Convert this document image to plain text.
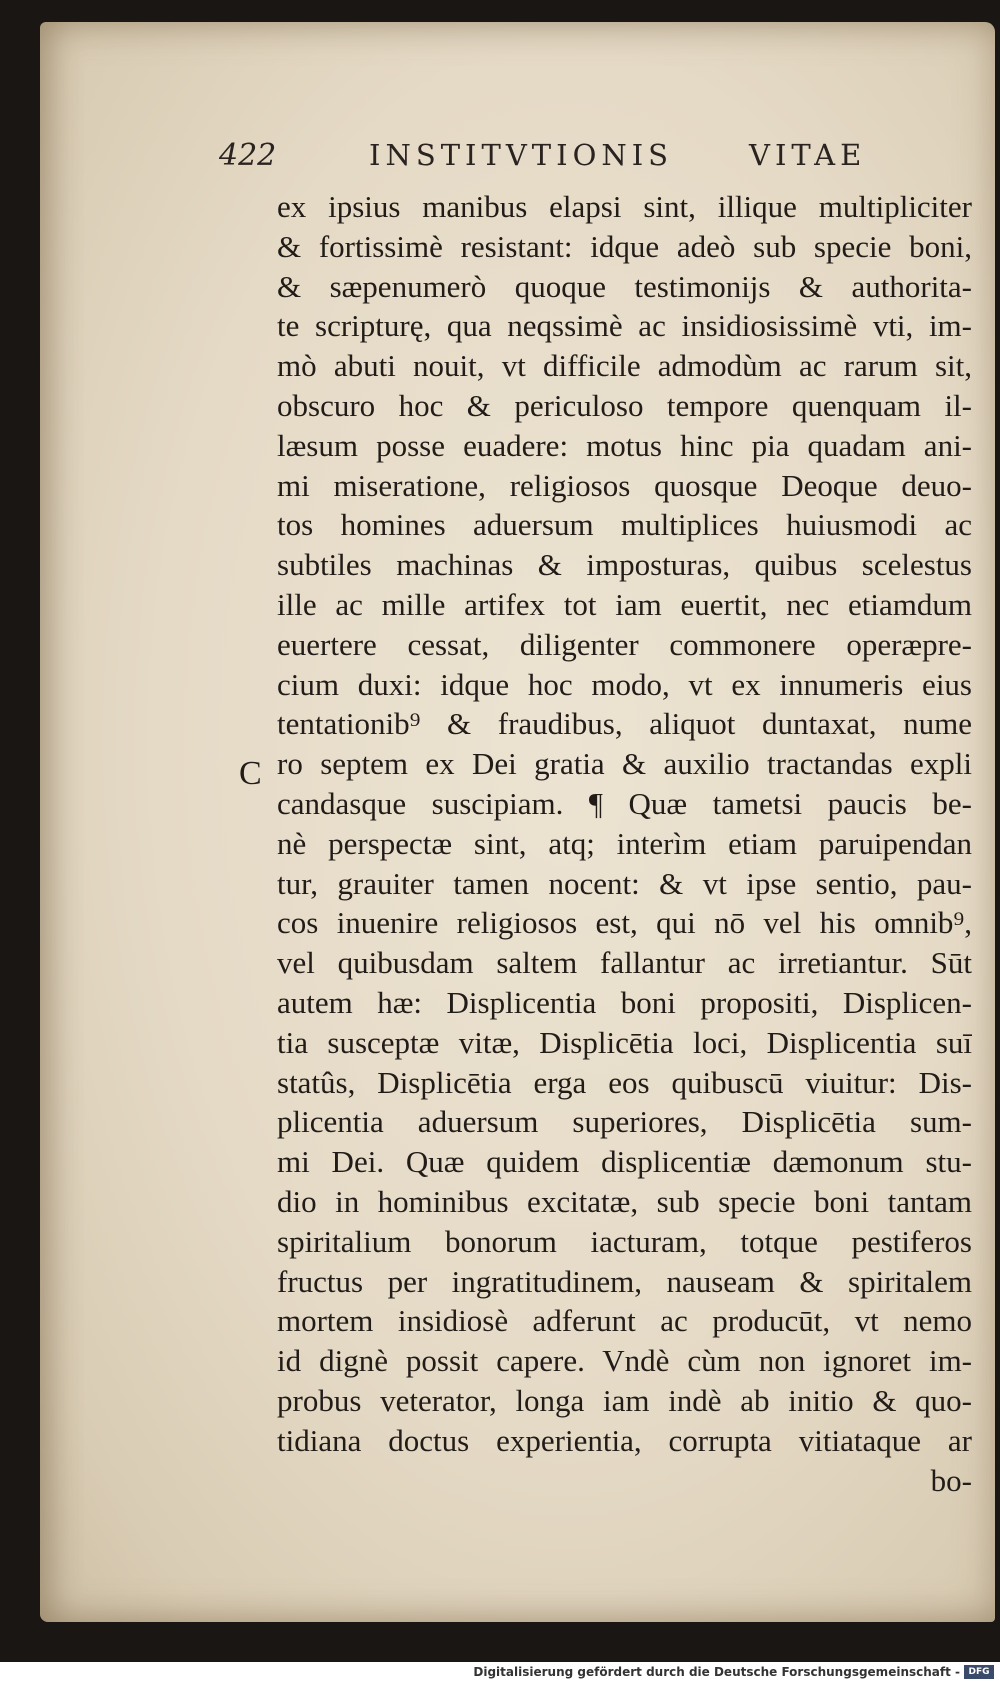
422	INSTITVTIONIS	VITAE
C
ex ipsius manibus elapsi sint, illique multipliciter
& fortissimè resistant: idque adeò sub specie boni,
& sæpenumerò quoque testimonijs & authorita-
te scripturę, qua neqssimè ac insidiosissimè vti, im-
mò abuti nouit, vt difficile admodùm ac rarum sit,
obscuro hoc & periculoso tempore quenquam il-
læsum posse euadere: motus hinc pia quadam ani-
mi miseratione, religiosos quosque Deoque deuo-
tos homines aduersum multiplices huiusmodi ac
subtiles machinas & imposturas, quibus scelestus
ille ac mille artifex tot iam euertit, nec etiamdum
euertere cessat, diligenter commonere operæpre-
cium duxi: idque hoc modo, vt ex innumeris eius
tentationib⁹ & fraudibus, aliquot duntaxat, nume
ro septem ex Dei gratia & auxilio tractandas expli
candasque suscipiam. ¶ Quæ tametsi paucis be-
nè perspectæ sint, atq; interìm etiam paruipendan
tur, grauiter tamen nocent: & vt ipse sentio, pau-
cos inuenire religiosos est, qui nō vel his omnib⁹,
vel quibusdam saltem fallantur ac irretiantur. Sūt
autem hæ: Displicentia boni propositi, Displicen-
tia susceptæ vitæ, Displicētia loci, Displicentia suī
statûs, Displicētia erga eos quibuscū viuitur: Dis-
plicentia aduersum superiores, Displicētia sum-
mi Dei. Quæ quidem displicentiæ dæmonum stu-
dio in hominibus excitatæ, sub specie boni tantam
spiritalium bonorum iacturam, totque pestiferos
fructus per ingratitudinem, nauseam & spiritalem
mortem insidiosè adferunt ac producūt, vt nemo
id dignè possit capere. Vndè cùm non ignoret im-
probus veterator, longa iam indè ab initio & quo-
tidiana doctus experientia, corrupta vitiataque ar
bo-
Digitalisierung gefördert durch die Deutsche Forschungsgemeinschaft - DFG
